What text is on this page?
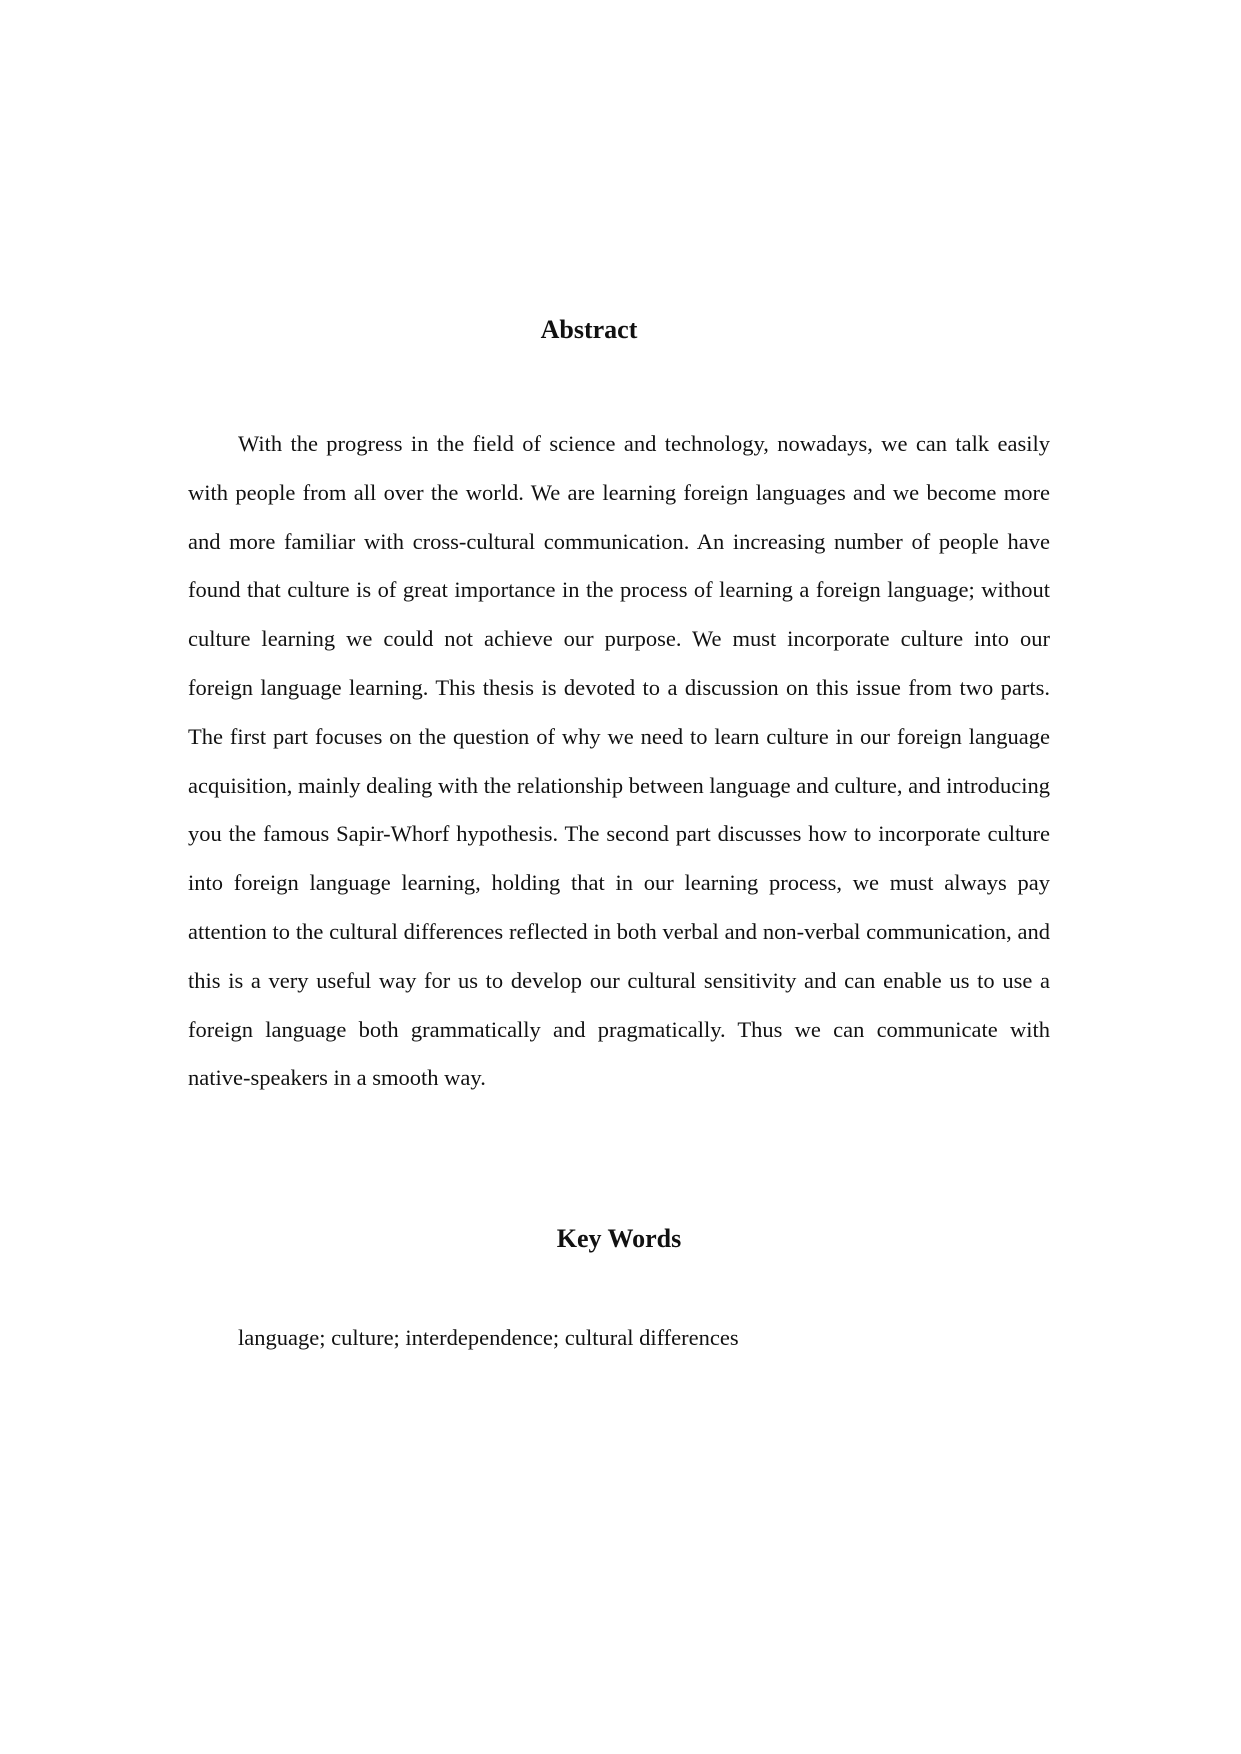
Abstract

With the progress in the field of science and technology, nowadays, we can talk easily with people from all over the world. We are learning foreign languages and we become more and more familiar with cross-cultural communication. An increasing number of people have found that culture is of great importance in the process of learning a foreign language; without culture learning we could not achieve our purpose. We must incorporate culture into our foreign language learning. This thesis is devoted to a discussion on this issue from two parts. The first part focuses on the question of why we need to learn culture in our foreign language acquisition, mainly dealing with the relationship between language and culture, and introducing you the famous Sapir-Whorf hypothesis. The second part discusses how to incorporate culture into foreign language learning, holding that in our learning process, we must always pay attention to the cultural differences reflected in both verbal and non-verbal communication, and this is a very useful way for us to develop our cultural sensitivity and can enable us to use a foreign language both grammatically and pragmatically. Thus we can communicate with native-speakers in a smooth way.

Key Words

language; culture; interdependence; cultural differences
